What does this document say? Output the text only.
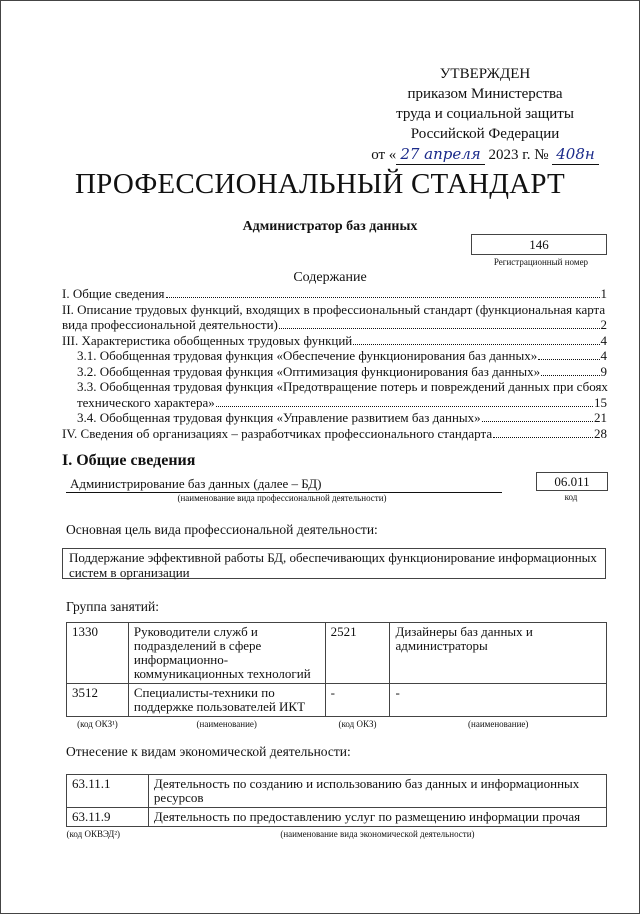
УТВЕРЖДЕН
приказом Министерства
труда и социальной защиты
Российской Федерации
от « 27 апреля 2023 г. № 408н
ПРОФЕССИОНАЛЬНЫЙ СТАНДАРТ
Администратор баз данных
146
Регистрационный номер
Содержание
I. Общие сведения	1
II. Описание трудовых функций, входящих в профессиональный стандарт (функциональная карта
вида профессиональной деятельности)	2
III. Характеристика обобщенных трудовых функций	4
3.1. Обобщенная трудовая функция «Обеспечение функционирования баз данных»	4
3.2. Обобщенная трудовая функция «Оптимизация функционирования баз данных»	9
3.3. Обобщенная трудовая функция «Предотвращение потерь и повреждений данных при сбоях
технического характера»	15
3.4. Обобщенная трудовая функция «Управление развитием баз данных»	21
IV. Сведения об организациях – разработчиках профессионального стандарта	28
I. Общие сведения
Администрирование баз данных (далее – БД)
(наименование вида профессиональной деятельности)
06.011
код
Основная цель вида профессиональной деятельности:
Поддержание эффективной работы БД, обеспечивающих функционирование информационных систем в организации
Группа занятий:
1330	Руководители служб и подразделений в сфере информационно-коммуникационных технологий	2521	Дизайнеры баз данных и администраторы
3512	Специалисты-техники по поддержке пользователей ИКТ	-	-
(код ОКЗ¹)	(наименование)	(код ОКЗ)	(наименование)
Отнесение к видам экономической деятельности:
63.11.1	Деятельность по созданию и использованию баз данных и информационных ресурсов
63.11.9	Деятельность по предоставлению услуг по размещению информации прочая
(код ОКВЭД²)	(наименование вида экономической деятельности)
